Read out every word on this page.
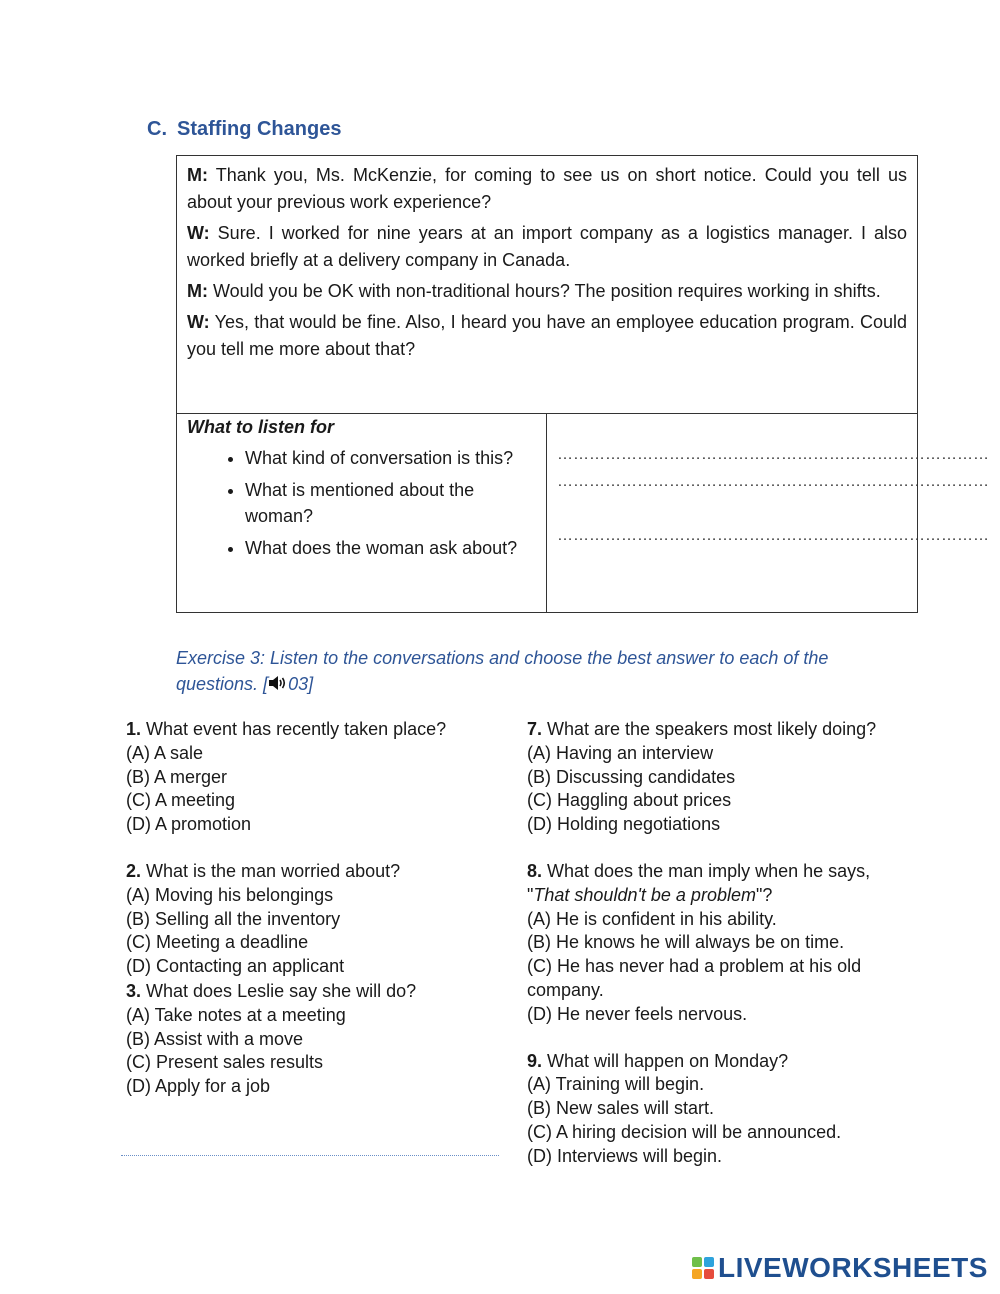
C. Staffing Changes

M: Thank you, Ms. McKenzie, for coming to see us on short notice. Could you tell us about your previous work experience?

W: Sure. I worked for nine years at an import company as a logistics manager. I also worked briefly at a delivery company in Canada.

M: Would you be OK with non-traditional hours? The position requires working in shifts.

W: Yes, that would be fine. Also, I heard you have an employee education program. Could you tell me more about that?

What to listen for
• What kind of conversation is this?
• What is mentioned about the woman?
• What does the woman ask about?
………………………………………………………………………
………………………………………………………………………
………………………………………………………………………
Exercise 3: Listen to the conversations and choose the best answer to each of the questions. [ 03]
1. What event has recently taken place?
(A) A sale
(B) A merger
(C) A meeting
(D) A promotion
2. What is the man worried about?
(A) Moving his belongings
(B) Selling all the inventory
(C) Meeting a deadline
(D) Contacting an applicant
3. What does Leslie say she will do?
(A) Take notes at a meeting
(B) Assist with a move
(C) Present sales results
(D) Apply for a job
7. What are the speakers most likely doing?
(A) Having an interview
(B) Discussing candidates
(C) Haggling about prices
(D) Holding negotiations
8. What does the man imply when he says,
"That shouldn't be a problem"?
(A) He is confident in his ability.
(B) He knows he will always be on time.
(C) He has never had a problem at his old company.
(D) He never feels nervous.
9. What will happen on Monday?
(A) Training will begin.
(B) New sales will start.
(C) A hiring decision will be announced.
(D) Interviews will begin.
LIVEWORKSHEETS
